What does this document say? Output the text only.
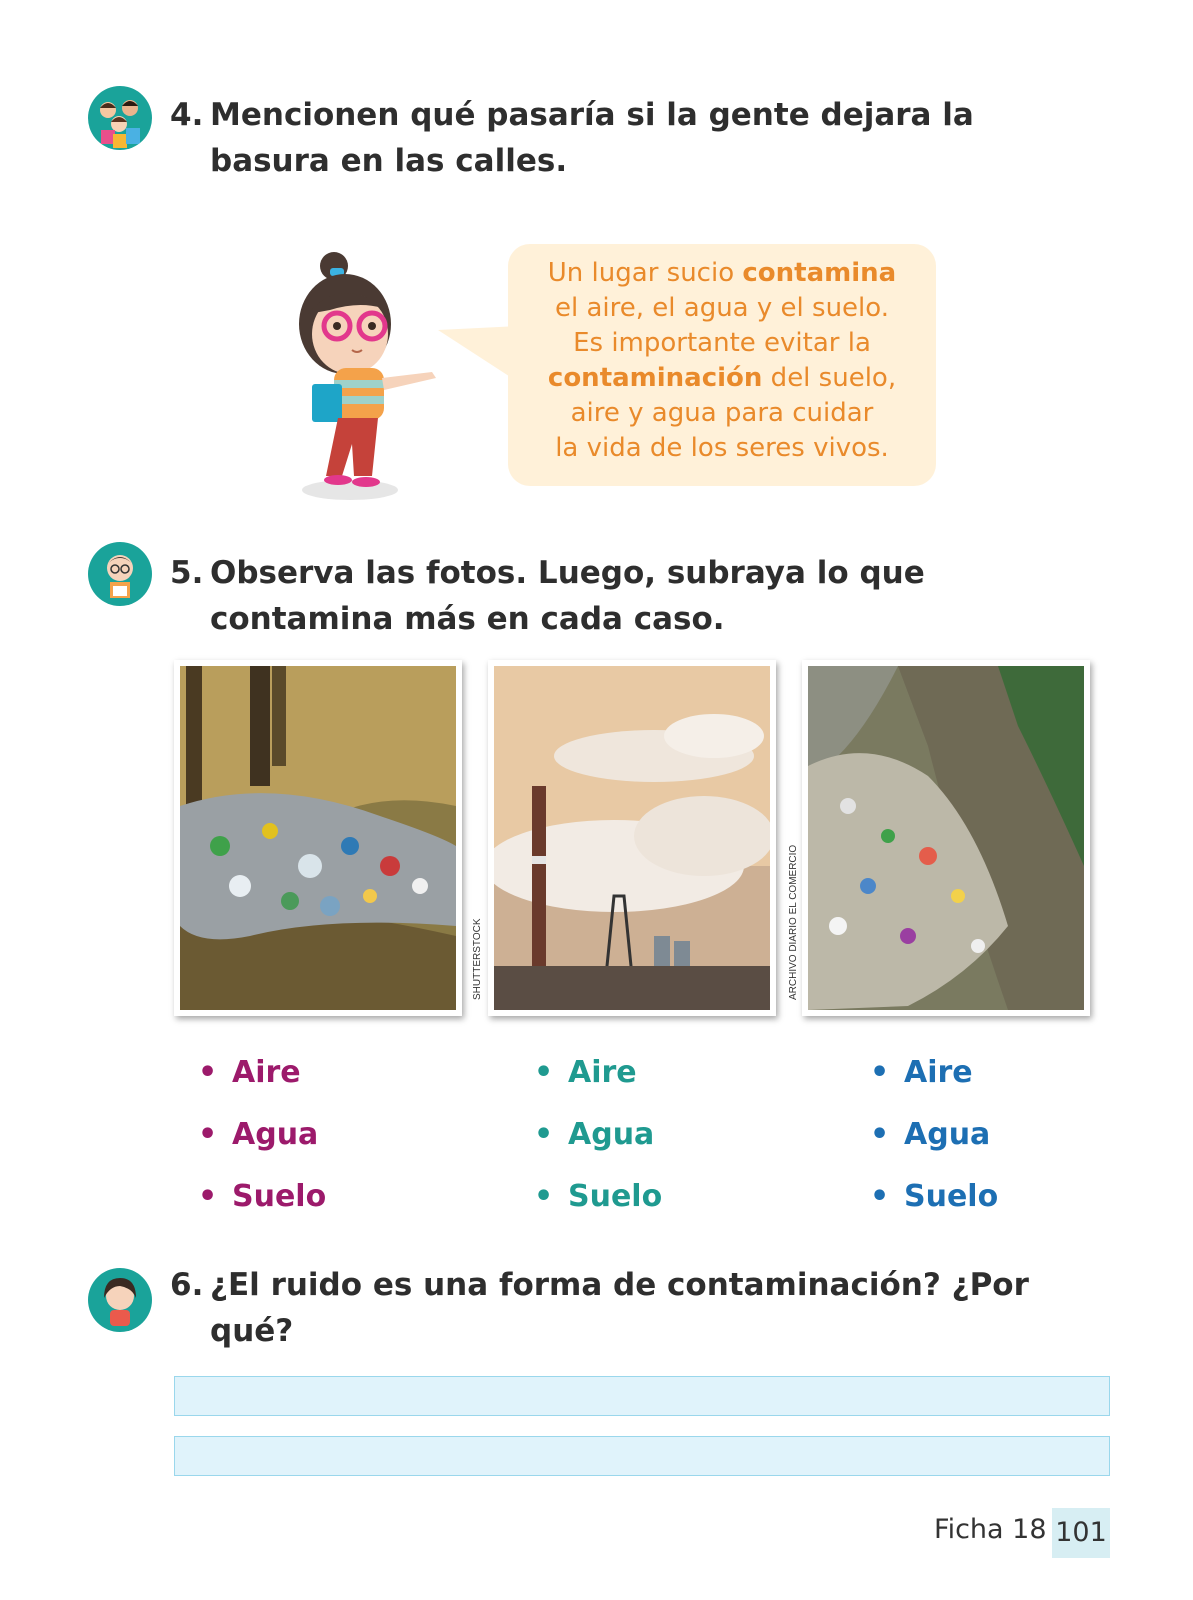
4. Mencionen qué pasaría si la gente dejara la basura en las calles.
Un lugar sucio contamina
el aire, el agua y el suelo.
Es importante evitar la
contaminación del suelo,
aire y agua para cuidar
la vida de los seres vivos.
5. Observa las fotos. Luego, subraya lo que contamina más en cada caso.
SHUTTERSTOCK	ARCHIVO DIARIO EL COMERCIO
• Aire
• Agua
• Suelo
• Aire
• Agua
• Suelo
• Aire
• Agua
• Suelo
6. ¿El ruido es una forma de contaminación? ¿Por qué?
Ficha 18 101
